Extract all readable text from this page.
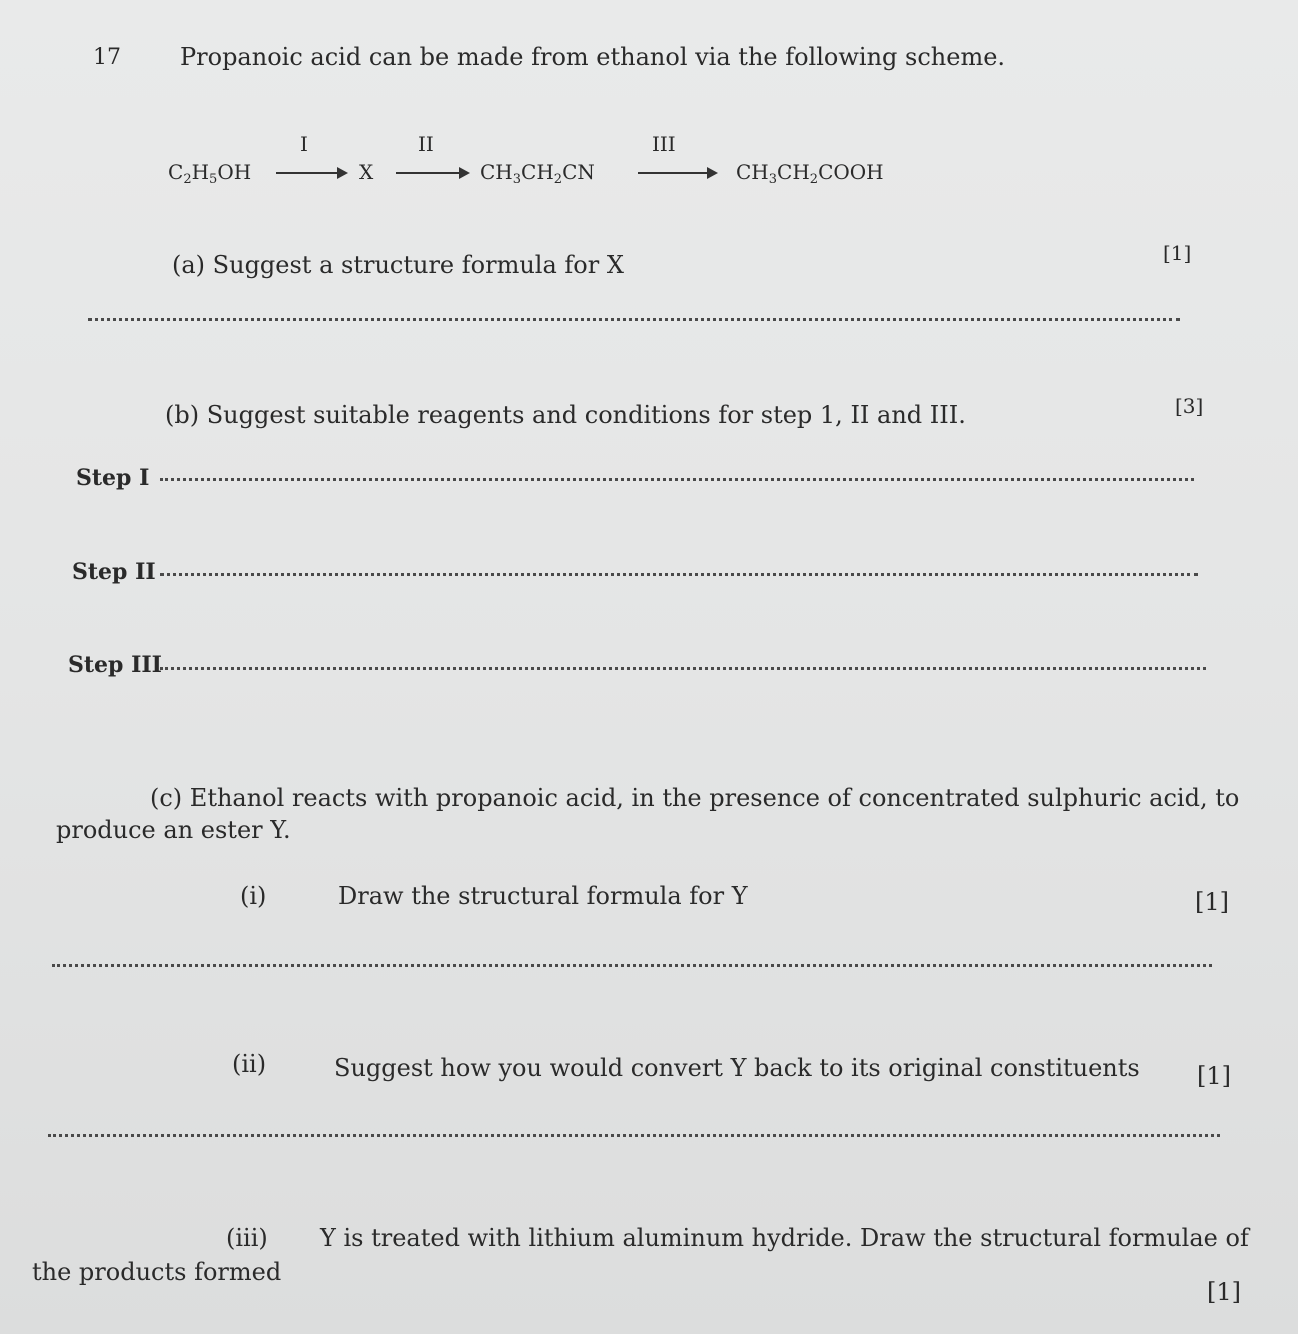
17 Propanoic acid can be made from ethanol via the following scheme.
I	II	III
$C_2H_5OH$	X	$CH_3CH_2CN$	$CH_3CH_2COOH$
(a) Suggest a structure formula for X	[1]
(b) Suggest suitable reagents and conditions for step 1, II and III.	[3]
Step I
Step II
Step III
(c) Ethanol reacts with propanoic acid, in the presence of concentrated sulphuric acid, to
produce an ester Y.
(i)	Draw the structural formula for Y	[1]
(ii)	Suggest how you would convert Y back to its original constituents [1]
(iii) Y is treated with lithium aluminum hydride. Draw the structural formulae of
the products formed
[1]
